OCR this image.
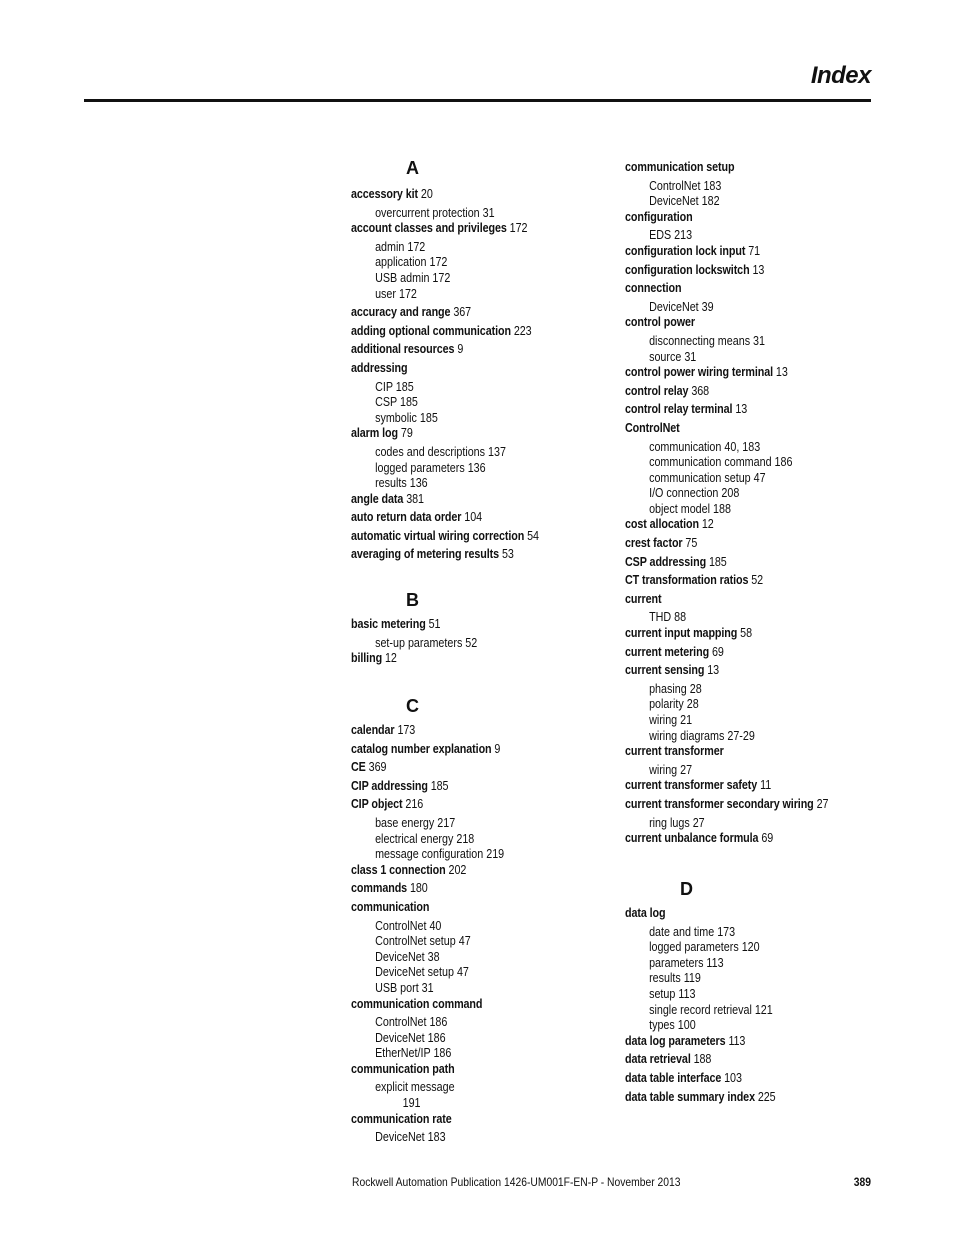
Index
A
accessory kit 20
overcurrent protection 31
account classes and privileges 172
admin 172
application 172
USB admin 172
user 172
accuracy and range 367
adding optional communication 223
additional resources 9
addressing
CIP 185
CSP 185
symbolic 185
alarm log 79
codes and descriptions 137
logged parameters 136
results 136
angle data 381
auto return data order 104
automatic virtual wiring correction 54
averaging of metering results 53
B
basic metering 51
set-up parameters 52
billing 12
C
calendar 173
catalog number explanation 9
CE 369
CIP addressing 185
CIP object 216
base energy 217
electrical energy 218
message configuration 219
class 1 connection 202
commands 180
communication
ControlNet 40
ControlNet setup 47
DeviceNet 38
DeviceNet setup 47
USB port 31
communication command
ControlNet 186
DeviceNet 186
EtherNet/IP 186
communication path
explicit message
191
communication rate
DeviceNet 183
communication setup
ControlNet 183
DeviceNet 182
configuration
EDS 213
configuration lock input 71
configuration lockswitch 13
connection
DeviceNet 39
control power
disconnecting means 31
source 31
control power wiring terminal 13
control relay 368
control relay terminal 13
ControlNet
communication 40, 183
communication command 186
communication setup 47
I/O connection 208
object model 188
cost allocation 12
crest factor 75
CSP addressing 185
CT transformation ratios 52
current
THD 88
current input mapping 58
current metering 69
current sensing 13
phasing 28
polarity 28
wiring 21
wiring diagrams 27-29
current transformer
wiring 27
current transformer safety 11
current transformer secondary wiring 27
ring lugs 27
current unbalance formula 69
D
data log
date and time 173
logged parameters 120
parameters 113
results 119
setup 113
single record retrieval 121
types 100
data log parameters 113
data retrieval 188
data table interface 103
data table summary index 225
Rockwell Automation Publication 1426-UM001F-EN-P - November 2013	389
